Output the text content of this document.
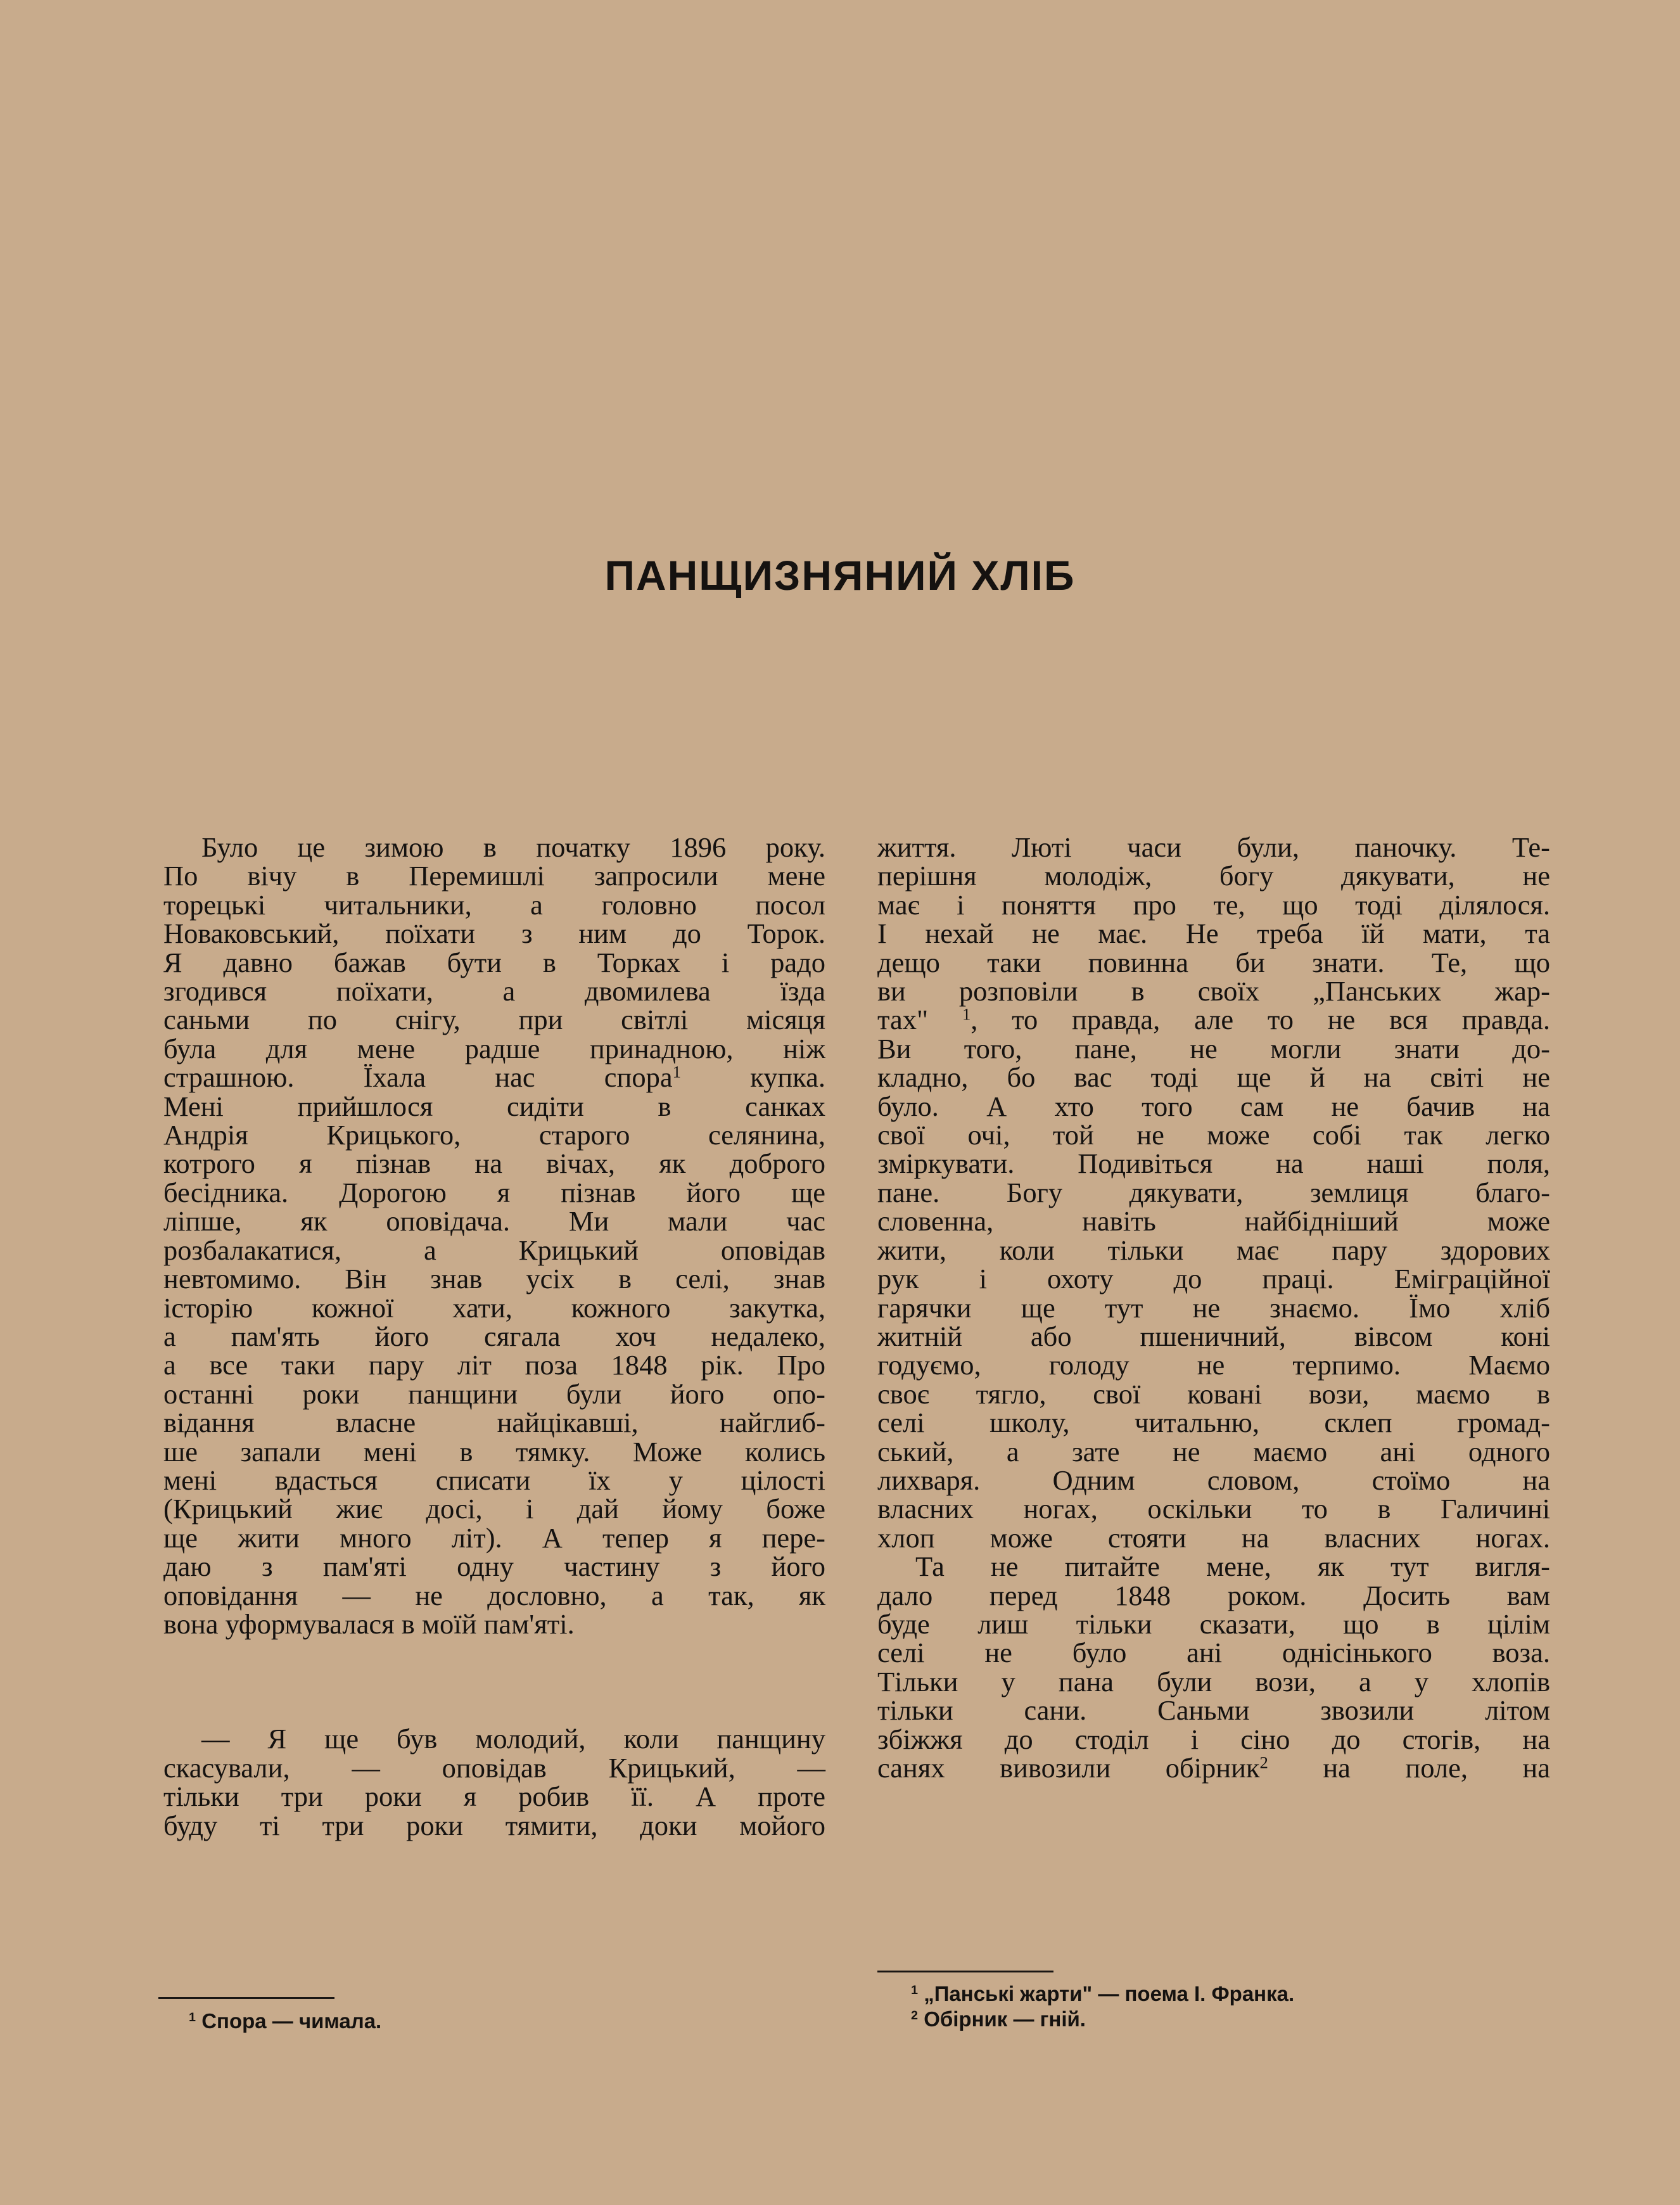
ПАНЩИЗНЯНИЙ ХЛІБ

Було це зимою в початку 1896 року.

По вічу в Перемишлі запросили мене

торецькі читальники, а головно посол

Новаковський, поїхати з ним до Торок.

Я давно бажав бути в Торках і радо

згодився поїхати, а двомилева їзда

саньми по снігу, при світлі місяця

була для мене радше принадною, ніж

страшною. Їхала нас спора$^1$ купка.

Мені прийшлося сидіти в санках

Андрія Крицького, старого селянина,

котрого я пізнав на вічах, як доброго

бесідника. Дорогою я пізнав його ще

ліпше, як оповідача. Ми мали час

розбалакатися, а Крицький оповідав

невтомимо. Він знав усіх в селі, знав

історію кожної хати, кожного закутка,

а пам'ять його сягала хоч недалеко,

а все таки пару літ поза 1848 рік. Про

останні роки панщини були його опо-

відання власне найцікавші, найглиб-

ше запали мені в тямку. Може колись

мені вдасться списати їх у цілості

(Крицький жиє досі, і дай йому боже

ще жити много літ). А тепер я пере-

даю з пам'яті одну частину з його

оповідання — не дословно, а так, як

вона уформувалася в моїй пам'яті.

— Я ще був молодий, коли панщину

скасували, — оповідав Крицький, —

тільки три роки я робив її. А проте

буду ті три роки тямити, доки мойого

життя. Люті часи були, паночку. Те-

перішня молодіж, богу дякувати, не

має і поняття про те, що тоді ділялося.

І нехай не має. Не треба їй мати, та

дещо таки повинна би знати. Те, що

ви розповіли в своїх „Панських жар-

тах" $^1$, то правда, але то не вся правда.

Ви того, пане, не могли знати до-

кладно, бо вас тоді ще й на світі не

було. А хто того сам не бачив на

свої очі, той не може собі так легко

зміркувати. Подивіться на наші поля,

пане. Богу дякувати, землиця благо-

словенна, навіть найбідніший може

жити, коли тільки має пару здорових

рук і охоту до праці. Еміграційної

гарячки ще тут не знаємо. Їмо хліб

житній або пшеничний, вівсом коні

годуємо, голоду не терпимо. Маємо

своє тягло, свої ковані вози, маємо в

селі школу, читальню, склеп громад-

ський, а зате не маємо ані одного

лихваря. Одним словом, стоїмо на

власних ногах, оскільки то в Галичині

хлоп може стояти на власних ногах.

Та не питайте мене, як тут вигля-

дало перед 1848 роком. Досить вам

буде лиш тільки сказати, що в цілім

селі не було ані однісінького воза.

Тільки у пана були вози, а у хлопів

тільки сани. Саньми звозили літом

збіжжя до стоділ і сіно до стогів, на

санях вивозили обірник$^2$ на поле, на

$^1$ Спора — чимала.
$^1$ „Панські жарти" — поема І. Франка.
$^2$ Обірник — гній.
